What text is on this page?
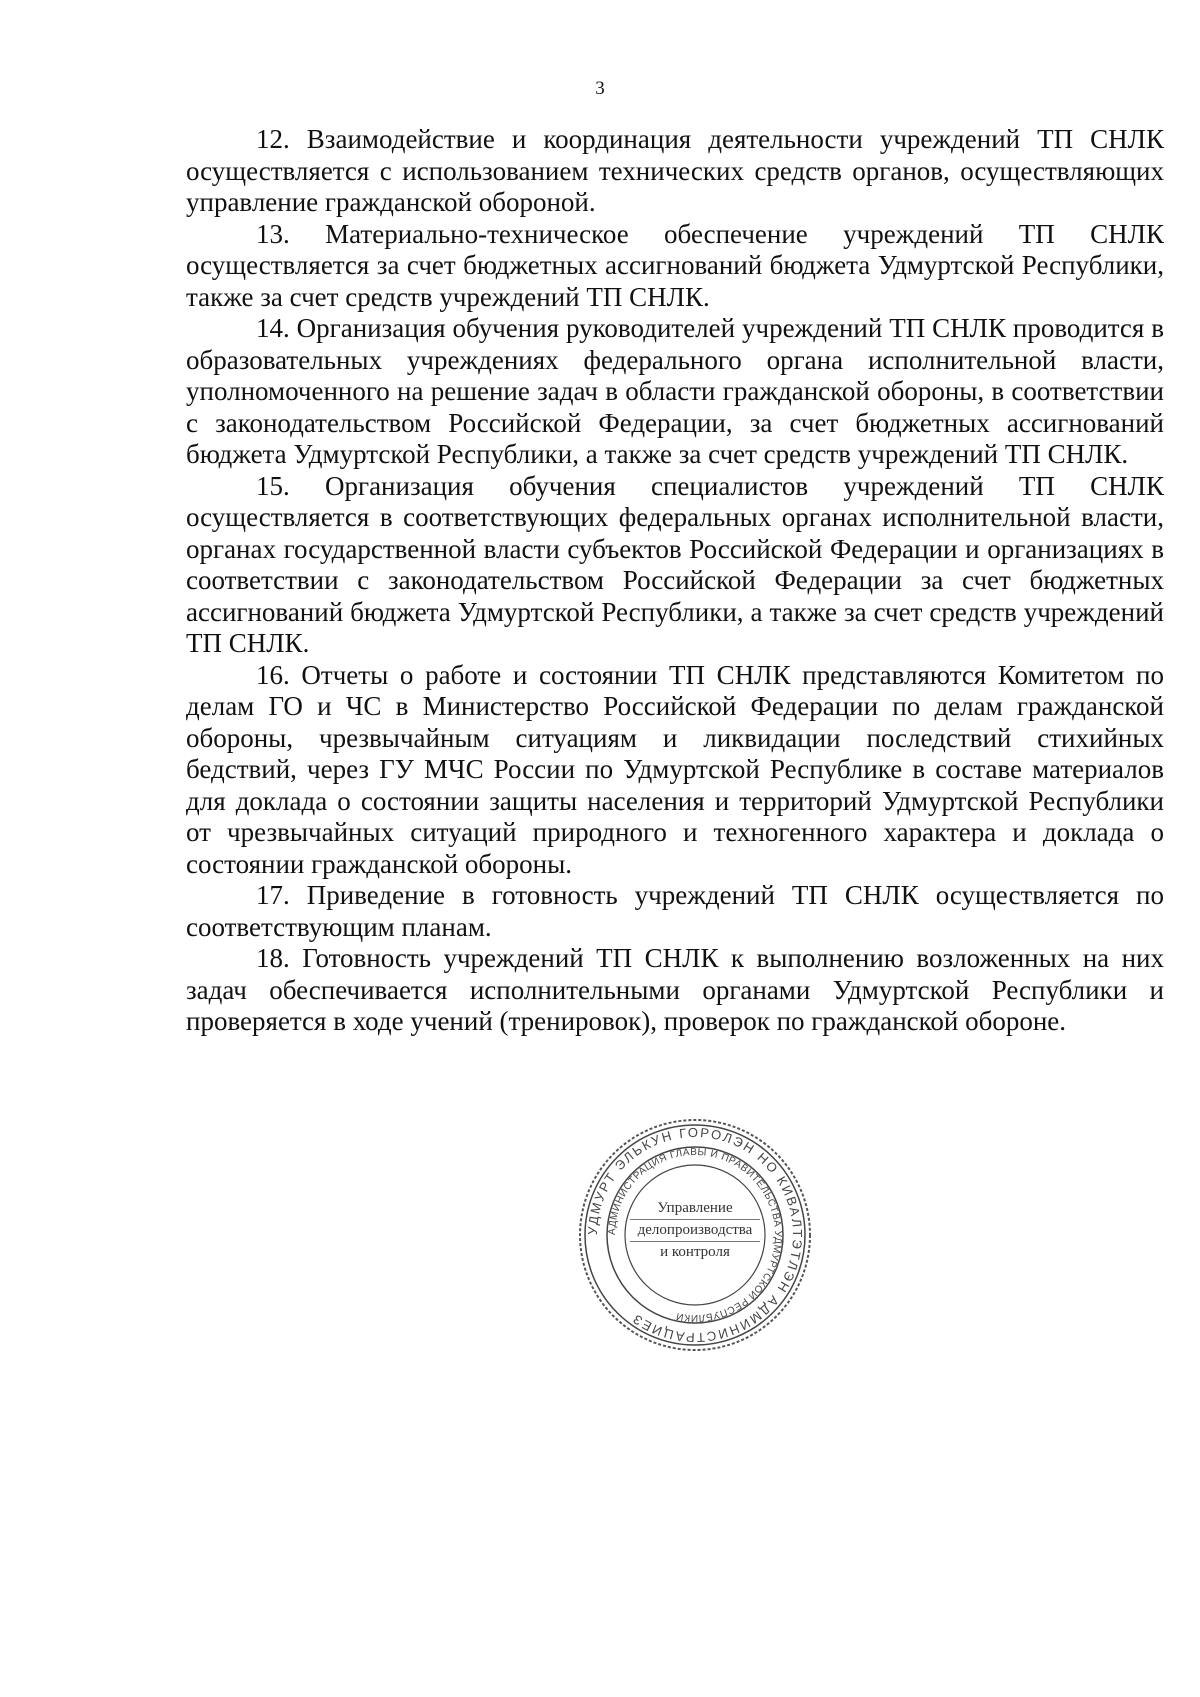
3

12. Взаимодействие и координация деятельности учреждений ТП СНЛК осуществляется с использованием технических средств органов, осуществляющих управление гражданской обороной.

13. Материально-техническое обеспечение учреждений ТП СНЛК осуществляется за счет бюджетных ассигнований бюджета Удмуртской Республики, также за счет средств учреждений ТП СНЛК.

14. Организация обучения руководителей учреждений ТП СНЛК проводится в образовательных учреждениях федерального органа исполнительной власти, уполномоченного на решение задач в области гражданской обороны, в соответствии с законодательством Российской Федерации, за счет бюджетных ассигнований бюджета Удмуртской Республики, а также за счет средств учреждений ТП СНЛК.

15. Организация обучения специалистов учреждений ТП СНЛК осуществляется в соответствующих федеральных органах исполнительной власти, органах государственной власти субъектов Российской Федерации и организациях в соответствии с законодательством Российской Федерации за счет бюджетных ассигнований бюджета Удмуртской Республики, а также за счет средств учреждений ТП СНЛК.

16. Отчеты о работе и состоянии ТП СНЛК представляются Комитетом по делам ГО и ЧС в Министерство Российской Федерации по делам гражданской обороны, чрезвычайным ситуациям и ликвидации последствий стихийных бедствий, через ГУ МЧС России по Удмуртской Республике в составе материалов для доклада о состоянии защиты населения и территорий Удмуртской Республики от чрезвычайных ситуаций природного и техногенного характера и доклада о состоянии гражданской обороны.

17. Приведение в готовность учреждений ТП СНЛК осуществляется по соответствующим планам.

18. Готовность учреждений ТП СНЛК к выполнению возложенных на них задач обеспечивается исполнительными органами Удмуртской Республики и проверяется в ходе учений (тренировок), проверок по гражданской обороне.

УДМУРТ ЭЛЬКУН ГОРОЛЭН НО КИВАЛТЭТЛЭН АДМИНИСТРАЦИЕЗ
АДМИНИСТРАЦИЯ ГЛАВЫ И ПРАВИТЕЛЬСТВА УДМУРТСКОЙ РЕСПУБЛИКИ
Управление
делопроизводства
и контроля
